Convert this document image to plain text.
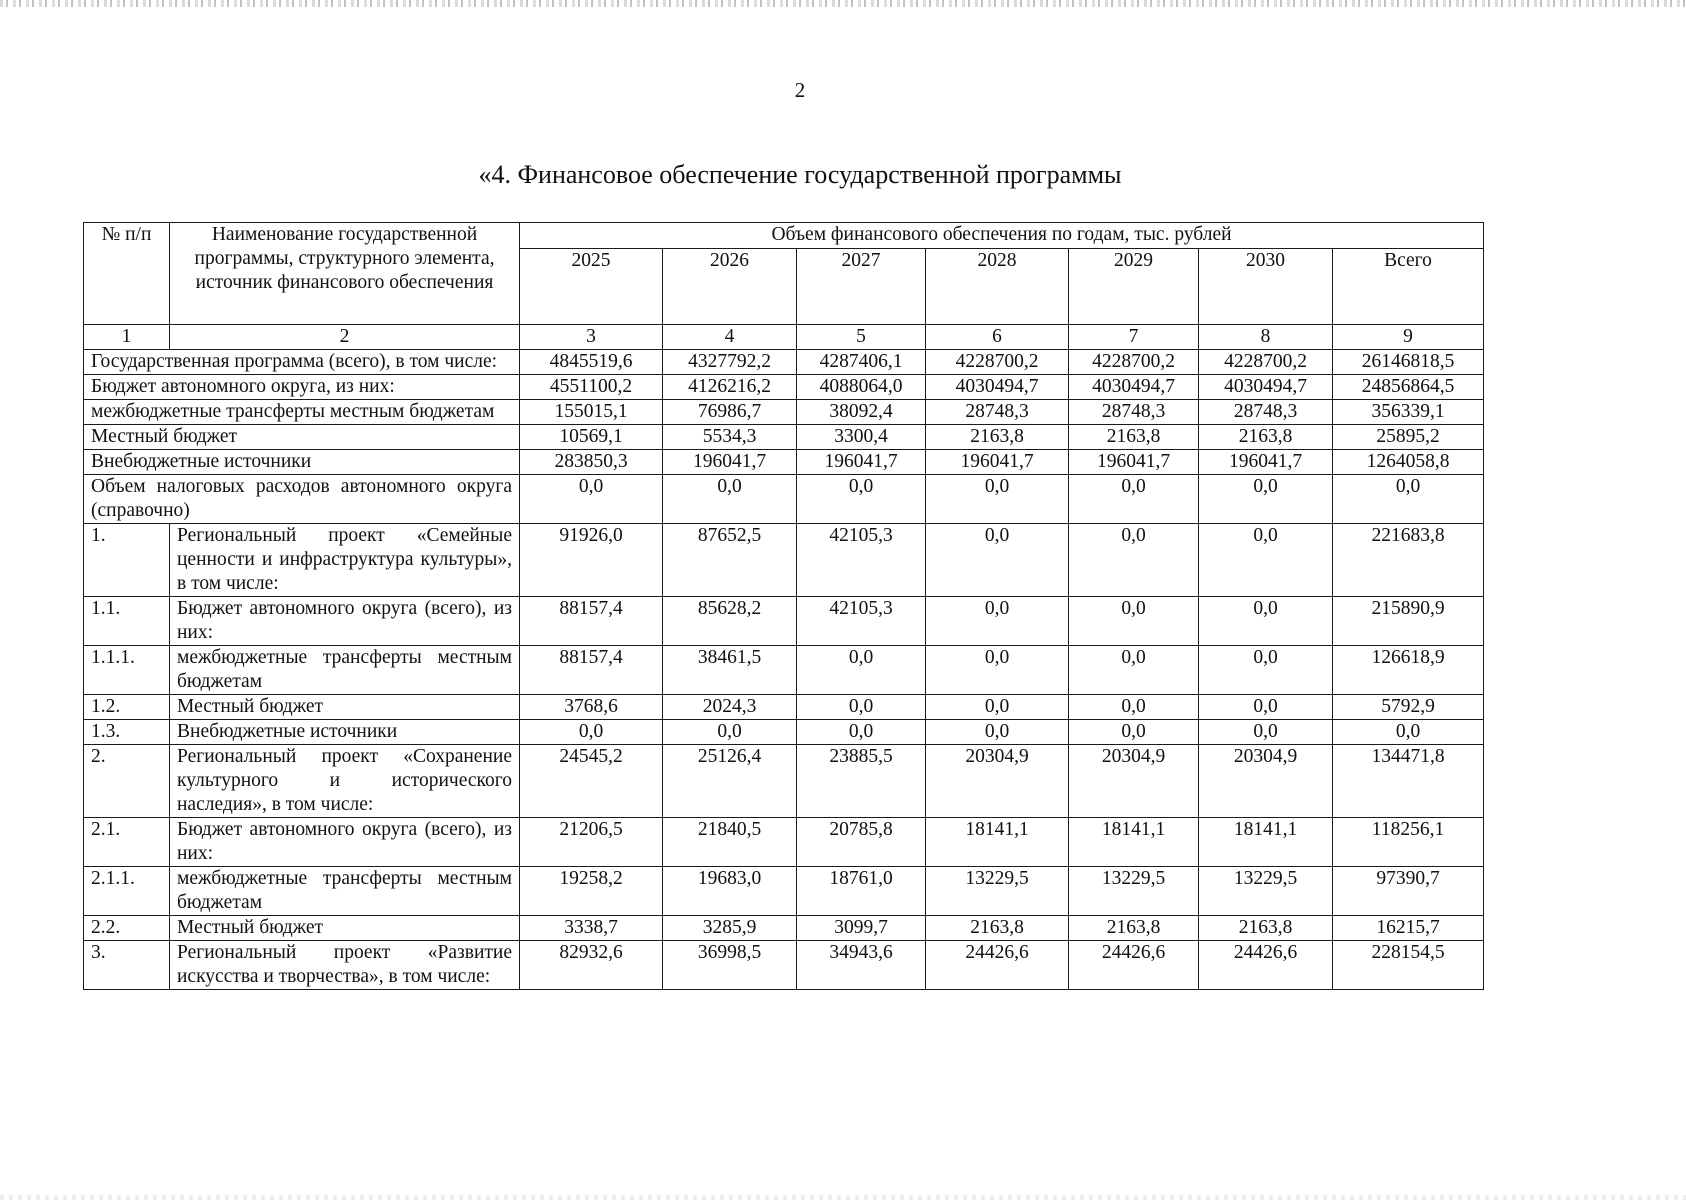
2
«4. Финансовое обеспечение государственной программы
№ п/п	Наименование государственной программы, структурного элемента, источник финансового обеспечения	Объем финансового обеспечения по годам, тыс. рублей						
		2025	2026	2027	2028	2029	2030	Всего
1	2	3	4	5	6	7	8	9
Государственная программа (всего), в том числе:		4845519,6	4327792,2	4287406,1	4228700,2	4228700,2	4228700,2	26146818,5
Бюджет автономного округа, из них:		4551100,2	4126216,2	4088064,0	4030494,7	4030494,7	4030494,7	24856864,5
межбюджетные трансферты местным бюджетам		155015,1	76986,7	38092,4	28748,3	28748,3	28748,3	356339,1
Местный бюджет		10569,1	5534,3	3300,4	2163,8	2163,8	2163,8	25895,2
Внебюджетные источники		283850,3	196041,7	196041,7	196041,7	196041,7	196041,7	1264058,8
Объем налоговых расходов автономного округа (справочно)		0,0	0,0	0,0	0,0	0,0	0,0	0,0
1.	Региональный проект «Семейные ценности и инфраструктура культуры», в том числе:	91926,0	87652,5	42105,3	0,0	0,0	0,0	221683,8
1.1.	Бюджет автономного округа (всего), из них:	88157,4	85628,2	42105,3	0,0	0,0	0,0	215890,9
1.1.1.	межбюджетные трансферты местным бюджетам	88157,4	38461,5	0,0	0,0	0,0	0,0	126618,9
1.2.	Местный бюджет	3768,6	2024,3	0,0	0,0	0,0	0,0	5792,9
1.3.	Внебюджетные источники	0,0	0,0	0,0	0,0	0,0	0,0	0,0
2.	Региональный проект «Сохранение культурного и исторического наследия», в том числе:	24545,2	25126,4	23885,5	20304,9	20304,9	20304,9	134471,8
2.1.	Бюджет автономного округа (всего), из них:	21206,5	21840,5	20785,8	18141,1	18141,1	18141,1	118256,1
2.1.1.	межбюджетные трансферты местным бюджетам	19258,2	19683,0	18761,0	13229,5	13229,5	13229,5	97390,7
2.2.	Местный бюджет	3338,7	3285,9	3099,7	2163,8	2163,8	2163,8	16215,7
3.	Региональный проект «Развитие искусства и творчества», в том числе:	82932,6	36998,5	34943,6	24426,6	24426,6	24426,6	228154,5
